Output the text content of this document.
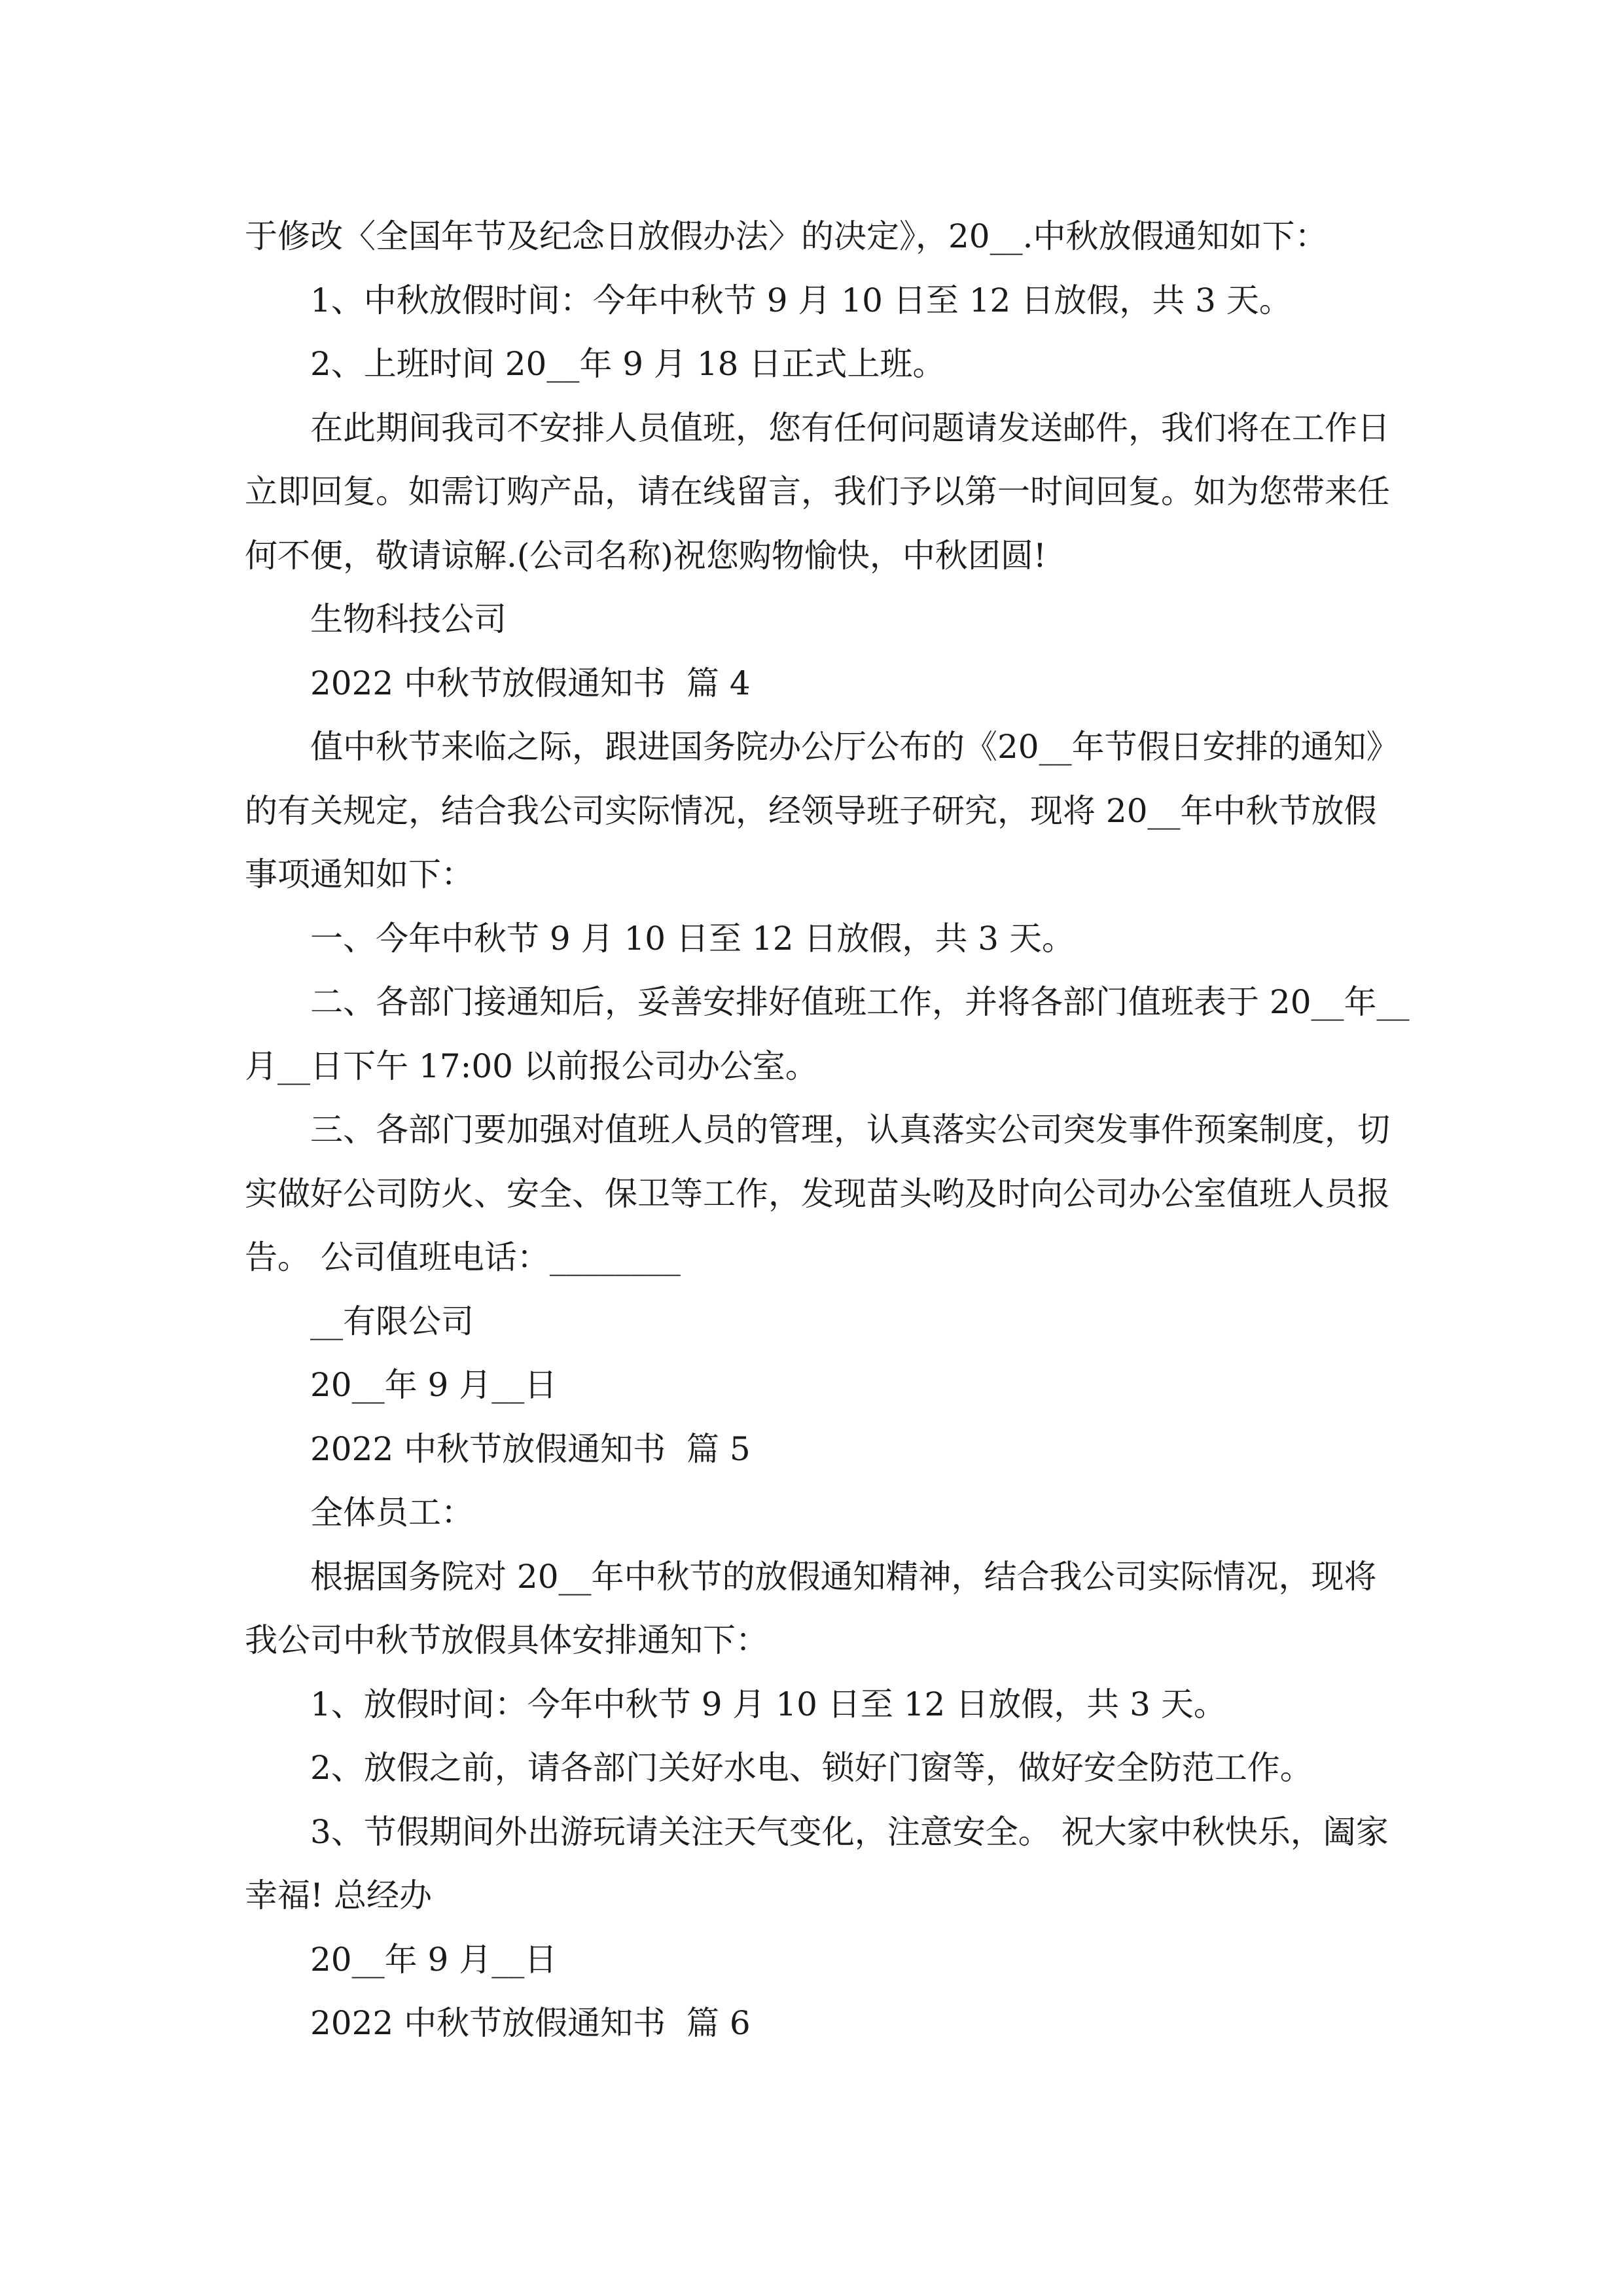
于修改〈全国年节及纪念日放假办法〉的决定》，20__.中秋放假通知如下：

1、中秋放假时间：今年中秋节 9 月 10 日至 12 日放假，共 3 天。

2、上班时间 20__年 9 月 18 日正式上班。

在此期间我司不安排人员值班，您有任何问题请发送邮件，我们将在工作日

立即回复。如需订购产品，请在线留言，我们予以第一时间回复。如为您带来任

何不便，敬请谅解.(公司名称)祝您购物愉快，中秋团圆!

生物科技公司

2022 中秋节放假通知书  篇 4

值中秋节来临之际，跟进国务院办公厅公布的《20__年节假日安排的通知》

的有关规定，结合我公司实际情况，经领导班子研究，现将 20__年中秋节放假

事项通知如下：

一、今年中秋节 9 月 10 日至 12 日放假，共 3 天。

二、各部门接通知后，妥善安排好值班工作，并将各部门值班表于 20__年__

月__日下午 17:00 以前报公司办公室。

三、各部门要加强对值班人员的管理，认真落实公司突发事件预案制度，切

实做好公司防火、安全、保卫等工作，发现苗头哟及时向公司办公室值班人员报

告。 公司值班电话：________

__有限公司

20__年 9 月__日

2022 中秋节放假通知书  篇 5

全体员工：

根据国务院对 20__年中秋节的放假通知精神，结合我公司实际情况，现将

我公司中秋节放假具体安排通知下：

1、放假时间：今年中秋节 9 月 10 日至 12 日放假，共 3 天。

2、放假之前，请各部门关好水电、锁好门窗等，做好安全防范工作。

3、节假期间外出游玩请关注天气变化，注意安全。 祝大家中秋快乐，阖家

幸福! 总经办

20__年 9 月__日

2022 中秋节放假通知书  篇 6
